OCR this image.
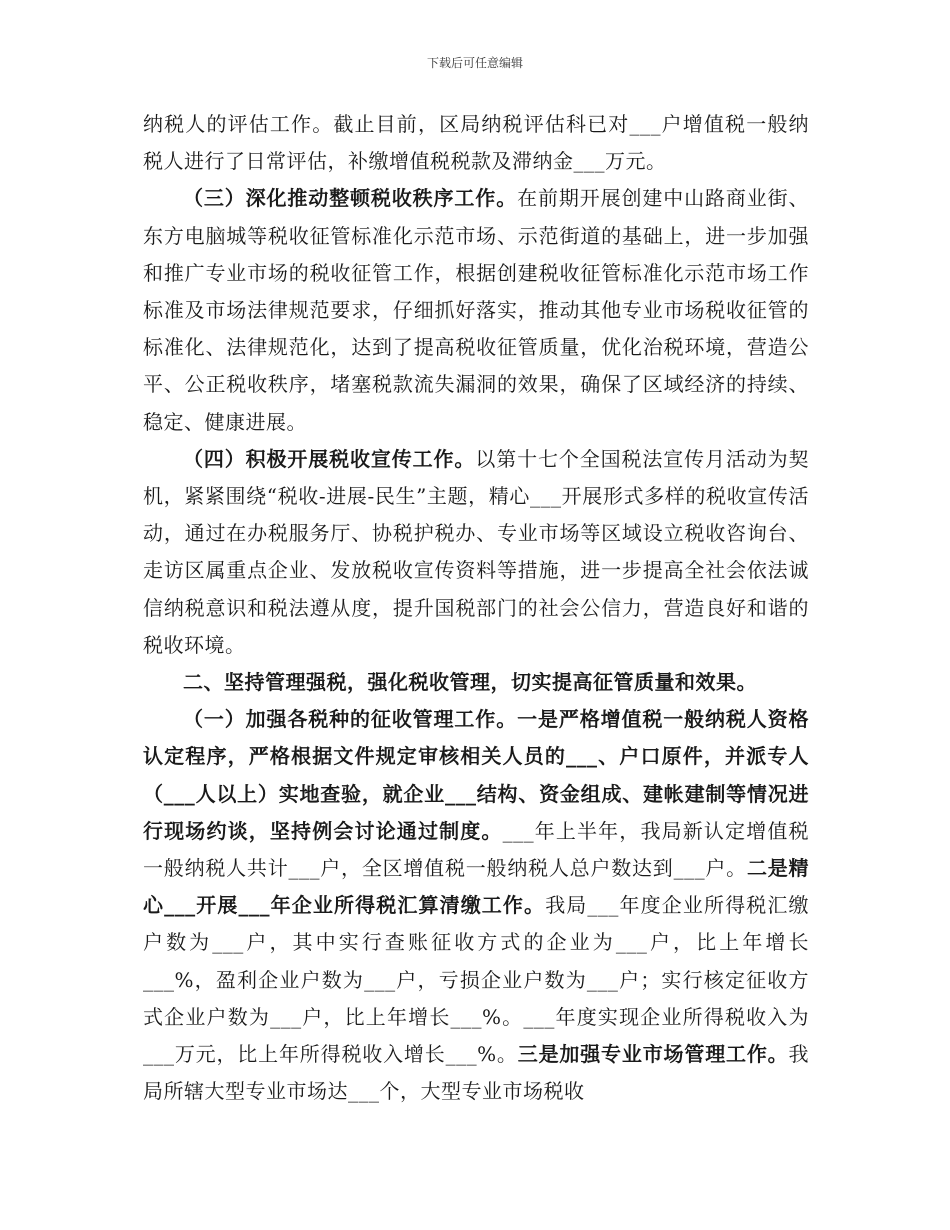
下载后可任意编辑

纳税人的评估工作。截止目前，区局纳税评估科已对___户增值税一般纳税人进行了日常评估，补缴增值税税款及滞纳金___万元。

（三）深化推动整顿税收秩序工作。在前期开展创建中山路商业街、东方电脑城等税收征管标准化示范市场、示范街道的基础上，进一步加强和推广专业市场的税收征管工作，根据创建税收征管标准化示范市场工作标准及市场法律规范要求，仔细抓好落实，推动其他专业市场税收征管的标准化、法律规范化，达到了提高税收征管质量，优化治税环境，营造公平、公正税收秩序，堵塞税款流失漏洞的效果，确保了区域经济的持续、稳定、健康进展。

（四）积极开展税收宣传工作。以第十七个全国税法宣传月活动为契机，紧紧围绕“税收-进展-民生”主题，精心___开展形式多样的税收宣传活动，通过在办税服务厅、协税护税办、专业市场等区域设立税收咨询台、走访区属重点企业、发放税收宣传资料等措施，进一步提高全社会依法诚信纳税意识和税法遵从度，提升国税部门的社会公信力，营造良好和谐的税收环境。

二、坚持管理强税，强化税收管理，切实提高征管质量和效果。

（一）加强各税种的征收管理工作。一是严格增值税一般纳税人资格认定程序，严格根据文件规定审核相关人员的___、户口原件，并派专人（___人以上）实地查验，就企业___结构、资金组成、建帐建制等情况进行现场约谈，坚持例会讨论通过制度。___年上半年，我局新认定增值税一般纳税人共计___户，全区增值税一般纳税人总户数达到___户。二是精心___开展___年企业所得税汇算清缴工作。我局___年度企业所得税汇缴户数为___户，其中实行查账征收方式的企业为___户，比上年增长___%，盈利企业户数为___户，亏损企业户数为___户；实行核定征收方式企业户数为___户，比上年增长___%。___年度实现企业所得税收入为___万元，比上年所得税收入增长___%。三是加强专业市场管理工作。我局所辖大型专业市场达___个，大型专业市场税收
